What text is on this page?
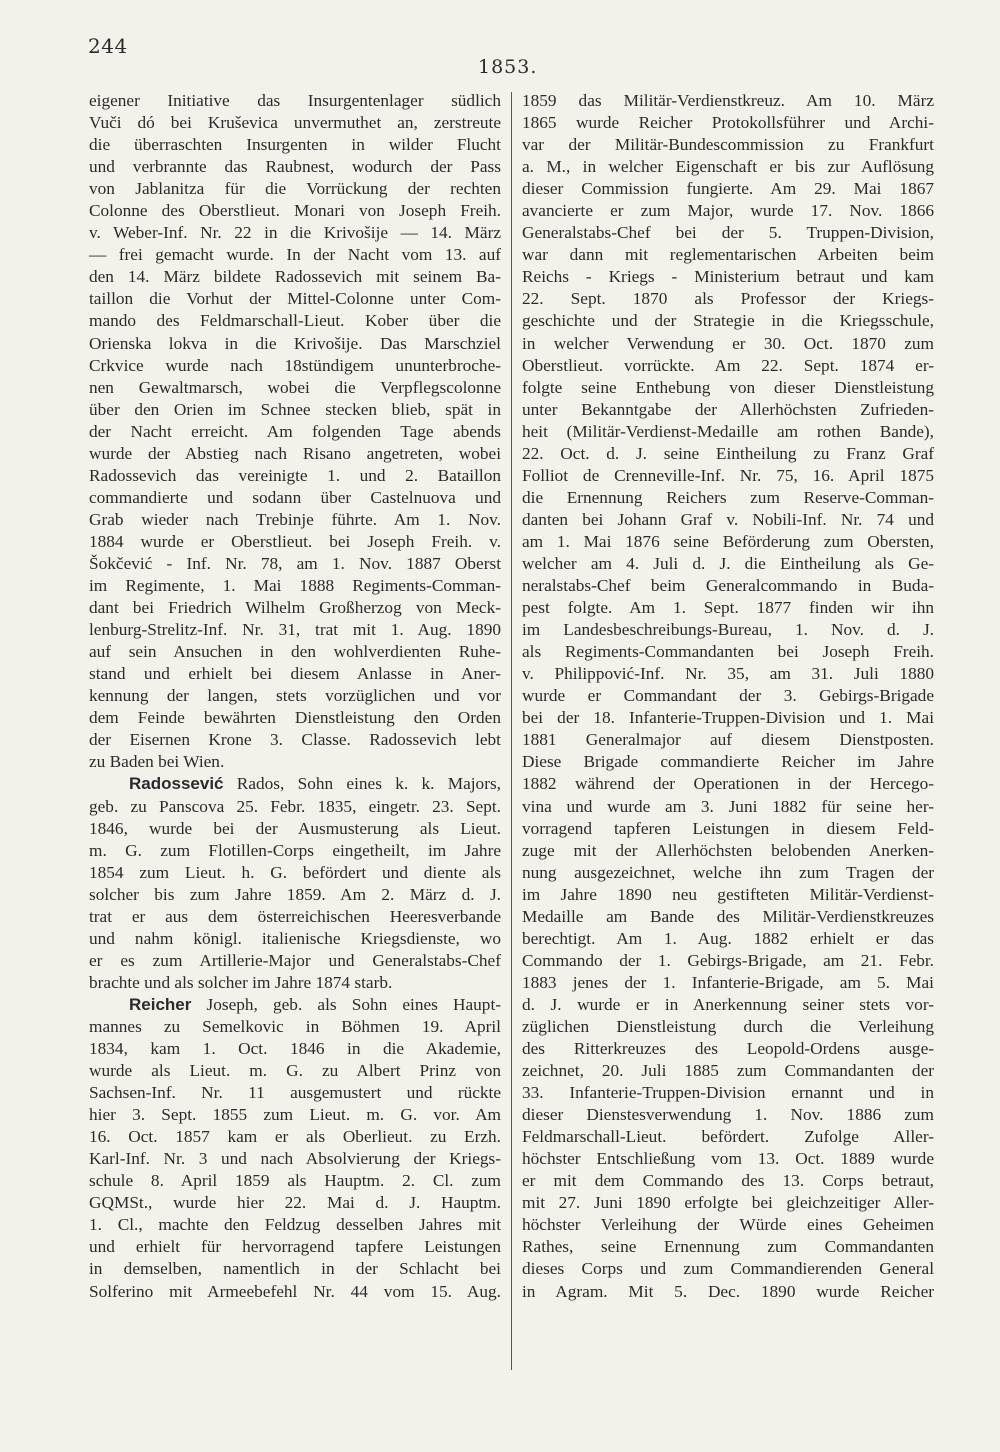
244
1853.
eigener Initiative das Insurgentenlager südlich
Vuči dó bei Kruševica unvermuthet an, zerstreute
die überraschten Insurgenten in wilder Flucht
und verbrannte das Raubnest, wodurch der Pass
von Jablanitza für die Vorrückung der rechten
Colonne des Oberstlieut. Monari von Joseph Freih.
v. Weber-Inf. Nr. 22 in die Krivošije — 14. März
— frei gemacht wurde. In der Nacht vom 13. auf
den 14. März bildete Radossevich mit seinem Ba-
taillon die Vorhut der Mittel-Colonne unter Com-
mando des Feldmarschall-Lieut. Kober über die
Orienska lokva in die Krivošije. Das Marschziel
Crkvice wurde nach 18stündigem ununterbroche-
nen Gewaltmarsch, wobei die Verpflegscolonne
über den Orien im Schnee stecken blieb, spät in
der Nacht erreicht. Am folgenden Tage abends
wurde der Abstieg nach Risano angetreten, wobei
Radossevich das vereinigte 1. und 2. Bataillon
commandierte und sodann über Castelnuova und
Grab wieder nach Trebinje führte. Am 1. Nov.
1884 wurde er Oberstlieut. bei Joseph Freih. v.
Šokčević - Inf. Nr. 78, am 1. Nov. 1887 Oberst
im Regimente, 1. Mai 1888 Regiments-Comman-
dant bei Friedrich Wilhelm Großherzog von Meck-
lenburg-Strelitz-Inf. Nr. 31, trat mit 1. Aug. 1890
auf sein Ansuchen in den wohlverdienten Ruhe-
stand und erhielt bei diesem Anlasse in Aner-
kennung der langen, stets vorzüglichen und vor
dem Feinde bewährten Dienstleistung den Orden
der Eisernen Krone 3. Classe. Radossevich lebt
zu Baden bei Wien.
Radossević Rados, Sohn eines k. k. Majors,
geb. zu Panscova 25. Febr. 1835, eingetr. 23. Sept.
1846, wurde bei der Ausmusterung als Lieut.
m. G. zum Flotillen-Corps eingetheilt, im Jahre
1854 zum Lieut. h. G. befördert und diente als
solcher bis zum Jahre 1859. Am 2. März d. J.
trat er aus dem österreichischen Heeresverbande
und nahm königl. italienische Kriegsdienste, wo
er es zum Artillerie-Major und Generalstabs-Chef
brachte und als solcher im Jahre 1874 starb.
Reicher Joseph, geb. als Sohn eines Haupt-
mannes zu Semelkovic in Böhmen 19. April
1834, kam 1. Oct. 1846 in die Akademie,
wurde als Lieut. m. G. zu Albert Prinz von
Sachsen-Inf. Nr. 11 ausgemustert und rückte
hier 3. Sept. 1855 zum Lieut. m. G. vor. Am
16. Oct. 1857 kam er als Oberlieut. zu Erzh.
Karl-Inf. Nr. 3 und nach Absolvierung der Kriegs-
schule 8. April 1859 als Hauptm. 2. Cl. zum
GQMSt., wurde hier 22. Mai d. J. Hauptm.
1. Cl., machte den Feldzug desselben Jahres mit
und erhielt für hervorragend tapfere Leistungen
in demselben, namentlich in der Schlacht bei
Solferino mit Armeebefehl Nr. 44 vom 15. Aug.
1859 das Militär-Verdienstkreuz. Am 10. März
1865 wurde Reicher Protokollsführer und Archi-
var der Militär-Bundescommission zu Frankfurt
a. M., in welcher Eigenschaft er bis zur Auflösung
dieser Commission fungierte. Am 29. Mai 1867
avancierte er zum Major, wurde 17. Nov. 1866
Generalstabs-Chef bei der 5. Truppen-Division,
war dann mit reglementarischen Arbeiten beim
Reichs - Kriegs - Ministerium betraut und kam
22. Sept. 1870 als Professor der Kriegs-
geschichte und der Strategie in die Kriegsschule,
in welcher Verwendung er 30. Oct. 1870 zum
Oberstlieut. vorrückte. Am 22. Sept. 1874 er-
folgte seine Enthebung von dieser Dienstleistung
unter Bekanntgabe der Allerhöchsten Zufrieden-
heit (Militär-Verdienst-Medaille am rothen Bande),
22. Oct. d. J. seine Eintheilung zu Franz Graf
Folliot de Crenneville-Inf. Nr. 75, 16. April 1875
die Ernennung Reichers zum Reserve-Comman-
danten bei Johann Graf v. Nobili-Inf. Nr. 74 und
am 1. Mai 1876 seine Beförderung zum Obersten,
welcher am 4. Juli d. J. die Eintheilung als Ge-
neralstabs-Chef beim Generalcommando in Buda-
pest folgte. Am 1. Sept. 1877 finden wir ihn
im Landesbeschreibungs-Bureau, 1. Nov. d. J.
als Regiments-Commandanten bei Joseph Freih.
v. Philippović-Inf. Nr. 35, am 31. Juli 1880
wurde er Commandant der 3. Gebirgs-Brigade
bei der 18. Infanterie-Truppen-Division und 1. Mai
1881 Generalmajor auf diesem Dienstposten.
Diese Brigade commandierte Reicher im Jahre
1882 während der Operationen in der Hercego-
vina und wurde am 3. Juni 1882 für seine her-
vorragend tapferen Leistungen in diesem Feld-
zuge mit der Allerhöchsten belobenden Anerken-
nung ausgezeichnet, welche ihn zum Tragen der
im Jahre 1890 neu gestifteten Militär-Verdienst-
Medaille am Bande des Militär-Verdienstkreuzes
berechtigt. Am 1. Aug. 1882 erhielt er das
Commando der 1. Gebirgs-Brigade, am 21. Febr.
1883 jenes der 1. Infanterie-Brigade, am 5. Mai
d. J. wurde er in Anerkennung seiner stets vor-
züglichen Dienstleistung durch die Verleihung
des Ritterkreuzes des Leopold-Ordens ausge-
zeichnet, 20. Juli 1885 zum Commandanten der
33. Infanterie-Truppen-Division ernannt und in
dieser Dienstesverwendung 1. Nov. 1886 zum
Feldmarschall-Lieut. befördert. Zufolge Aller-
höchster Entschließung vom 13. Oct. 1889 wurde
er mit dem Commando des 13. Corps betraut,
mit 27. Juni 1890 erfolgte bei gleichzeitiger Aller-
höchster Verleihung der Würde eines Geheimen
Rathes, seine Ernennung zum Commandanten
dieses Corps und zum Commandierenden General
in Agram. Mit 5. Dec. 1890 wurde Reicher
